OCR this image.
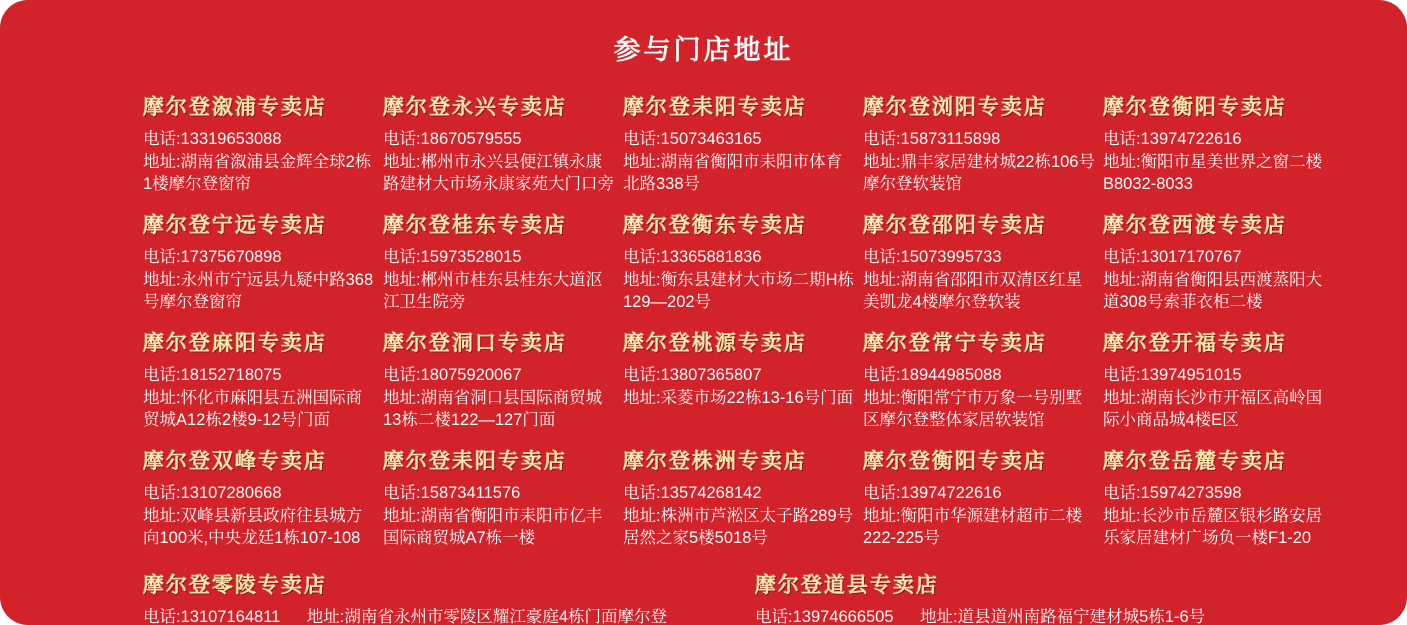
参与门店地址
摩尔登溆浦专卖店
电话:13319653088
地址:湖南省溆浦县金辉全球2栋1楼摩尔登窗帘
摩尔登永兴专卖店
电话:18670579555
地址:郴州市永兴县便江镇永康路建材大市场永康家苑大门口旁
摩尔登耒阳专卖店
电话:15073463165
地址:湖南省衡阳市耒阳市体育北路338号
摩尔登浏阳专卖店
电话:15873115898
地址:鼎丰家居建材城22栋106号摩尔登软装馆
摩尔登衡阳专卖店
电话:13974722616
地址:衡阳市星美世界之窗二楼B8032-8033
摩尔登宁远专卖店
电话:17375670898
地址:永州市宁远县九疑中路368号摩尔登窗帘
摩尔登桂东专卖店
电话:15973528015
地址:郴州市桂东县桂东大道沤江卫生院旁
摩尔登衡东专卖店
电话:13365881836
地址:衡东县建材大市场二期H栋129—202号
摩尔登邵阳专卖店
电话:15073995733
地址:湖南省邵阳市双清区红星美凯龙4楼摩尔登软装
摩尔登西渡专卖店
电话:13017170767
地址:湖南省衡阳县西渡蒸阳大道308号索菲衣柜二楼
摩尔登麻阳专卖店
电话:18152718075
地址:怀化市麻阳县五洲国际商贸城A12栋2楼9-12号门面
摩尔登洞口专卖店
电话:18075920067
地址:湖南省洞口县国际商贸城13栋二楼122—127门面
摩尔登桃源专卖店
电话:13807365807
地址:采菱市场22栋13-16号门面
摩尔登常宁专卖店
电话:18944985088
地址:衡阳常宁市万象一号别墅区摩尔登整体家居软装馆
摩尔登开福专卖店
电话:13974951015
地址:湖南长沙市开福区高岭国际小商品城4楼E区
摩尔登双峰专卖店
电话:13107280668
地址:双峰县新县政府往县城方向100米,中央龙廷1栋107-108
摩尔登耒阳专卖店
电话:15873411576
地址:湖南省衡阳市耒阳市亿丰国际商贸城A7栋一楼
摩尔登株洲专卖店
电话:13574268142
地址:株洲市芦淞区太子路289号居然之家5楼5018号
摩尔登衡阳专卖店
电话:13974722616
地址:衡阳市华源建材超市二楼222-225号
摩尔登岳麓专卖店
电话:15974273598
地址:长沙市岳麓区银杉路安居乐家居建材广场负一楼F1-20
摩尔登零陵专卖店
电话:13107164811 地址:湖南省永州市零陵区耀江豪庭4栋门面摩尔登
摩尔登道县专卖店
电话:13974666505 地址:道县道州南路福宁建材城5栋1-6号
